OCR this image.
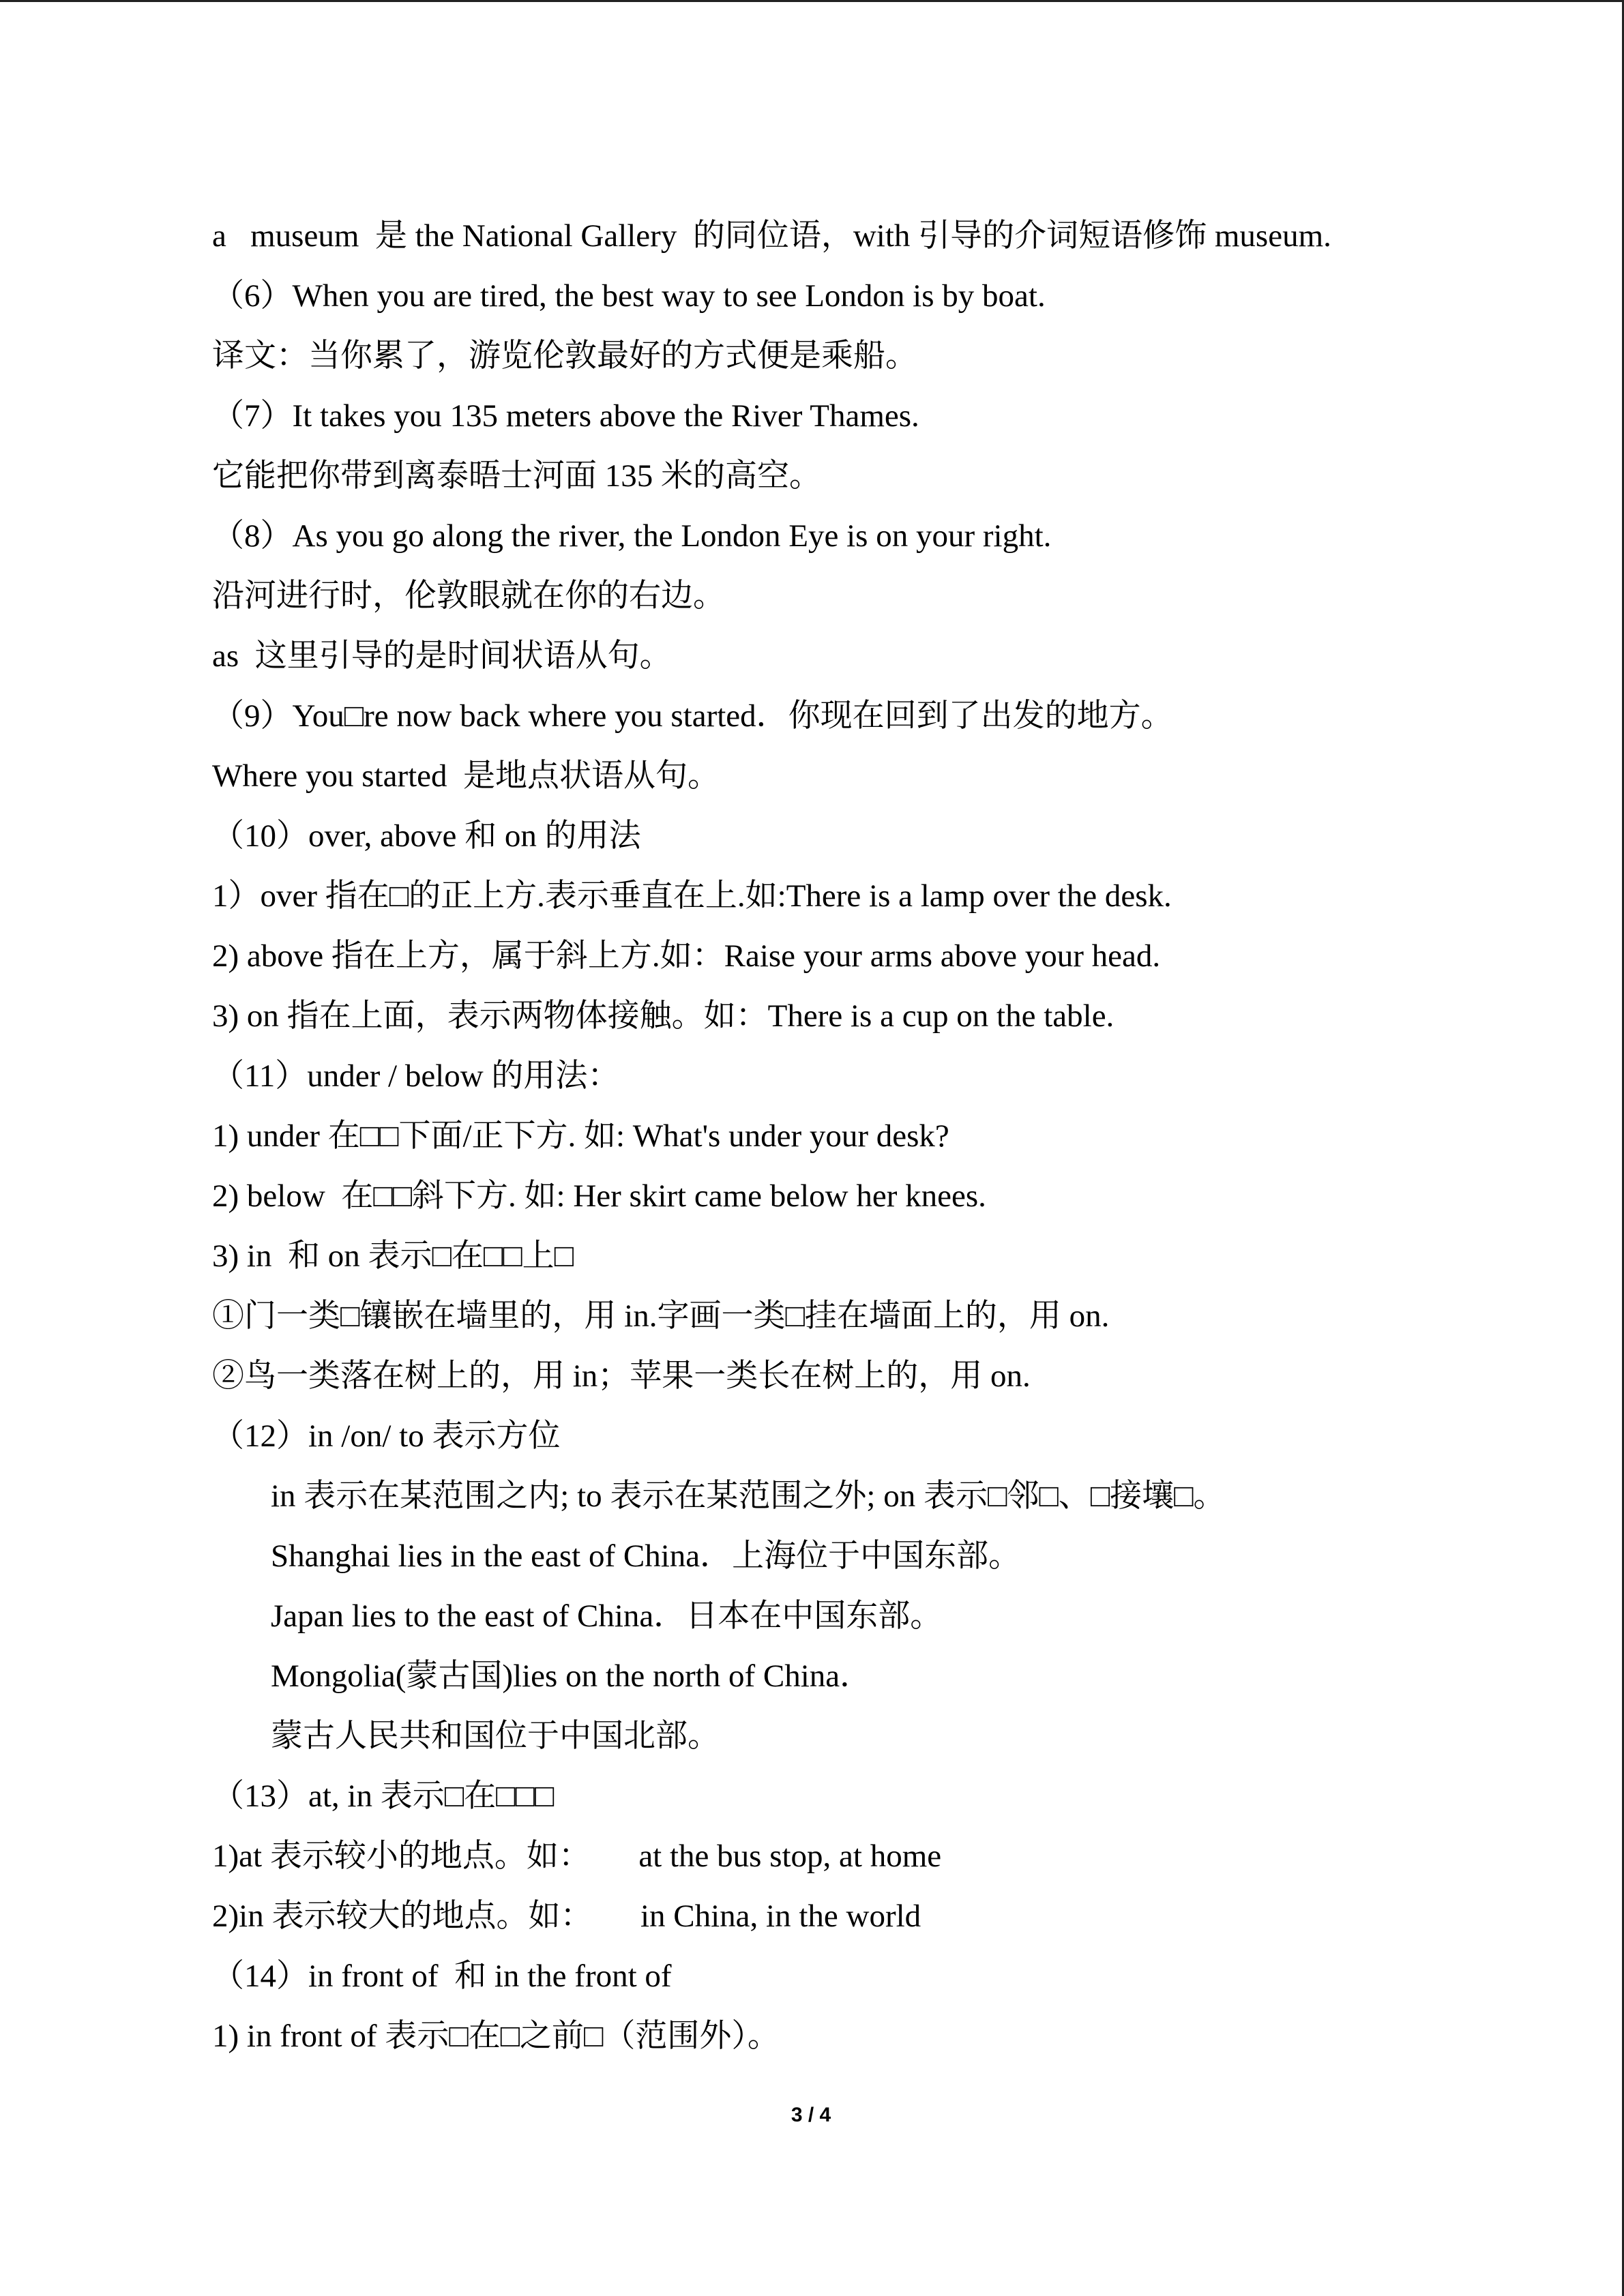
a   museum  是 the National Gallery  的同位语，with 引导的介词短语修饰 museum.
（6）When you are tired, the best way to see London is by boat.
译文：当你累了，游览伦敦最好的方式便是乘船。
（7）It takes you 135 meters above the River Thames.
它能把你带到离泰晤士河面 135 米的高空。
（8）As you go along the river, the London Eye is on your right.
沿河进行时，伦敦眼就在你的右边。
as  这里引导的是时间状语从句。
（9）You□re now back where you started．你现在回到了出发的地方。
Where you started  是地点状语从句。
（10）over, above 和 on 的用法
1）over 指在□的正上方.表示垂直在上.如:There is a lamp over the desk.
2) above 指在上方，属于斜上方.如：Raise your arms above your head.
3) on 指在上面，表示两物体接触。如：There is a cup on the table.
（11）under / below 的用法：
1) under 在□□下面/正下方. 如: What's under your desk?
2) below  在□□斜下方. 如: Her skirt came below her knees.
3) in  和 on 表示□在□□上□
①门一类□镶嵌在墙里的，用 in.字画一类□挂在墙面上的，用 on.
②鸟一类落在树上的，用 in；苹果一类长在树上的，用 on.
（12）in /on/ to 表示方位
in 表示在某范围之内; to 表示在某范围之外; on 表示□邻□、□接壤□。
Shanghai lies in the east of China．上海位于中国东部。
Japan lies to the east of China．日本在中国东部。
Mongolia(蒙古国)lies on the north of China．
蒙古人民共和国位于中国北部。
（13）at, in 表示□在□□□
1)at 表示较小的地点。如：      at the bus stop, at home
2)in 表示较大的地点。如：      in China, in the world
（14）in front of  和 in the front of
1) in front of 表示□在□之前□（范围外）。
3 / 4
